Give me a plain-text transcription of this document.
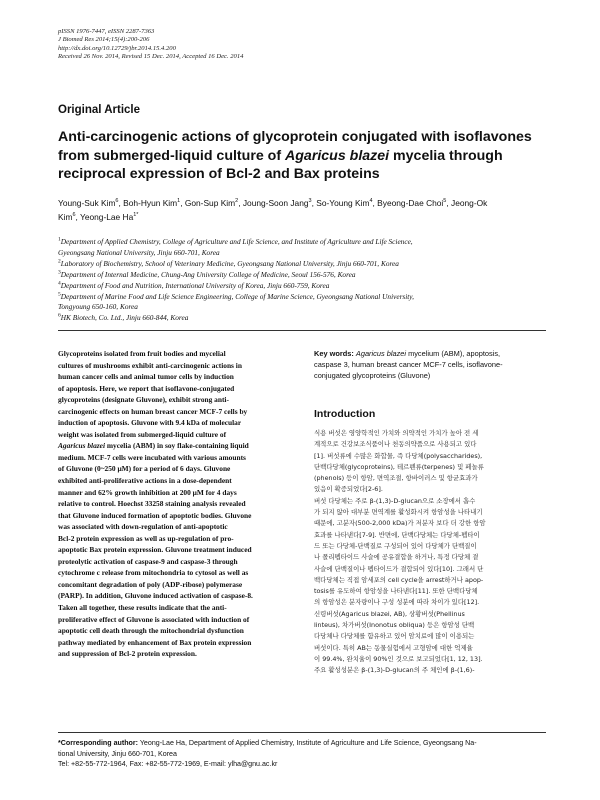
pISSN 1976-7447, eISSN 2287-7363
J Biomed Res 2014;15(4):200-206
http://dx.doi.org/10.12729/jbr.2014.15.4.200
Received 26 Nov. 2014, Revised 15 Dec. 2014, Accepted 16 Dec. 2014
Original Article
Anti-carcinogenic actions of glycoprotein conjugated with isoflavones
from submerged-liquid culture of Agaricus blazei mycelia through
reciprocal expression of Bcl-2 and Bax proteins
Young-Suk Kim$^6$, Boh-Hyun Kim$^1$, Gon-Sup Kim$^2$, Joung-Soon Jang$^3$, So-Young Kim$^4$, Byeong-Dae Choi$^5$, Jeong-Ok
Kim$^6$, Yeong-Lae $Ha^{1*}$
$^1$Department of Applied Chemistry, College of Agriculture and Life Science, and Institute of Agriculture and Life Science,
Gyeongsang National University, Jinju 660-701, Korea
$^2$Laboratory of Biochemistry, School of Veterinary Medicine, Gyeongsang National University, Jinju 660-701, Korea
$^3$Department of Internal Medicine, Chung-Ang University College of Medicine, Seoul 156-576, Korea
$^4$Department of Food and Nutrition, International University of Korea, Jinju 660-759, Korea
$^5$Department of Marine Food and Life Science Engineering, College of Marine Science, Gyeongsang National University,
Tongyoung 650-160, Korea
$^6$HK Biotech, Co. Ltd., Jinju 660-844, Korea
Glycoproteins isolated from fruit bodies and mycelial
cultures of mushrooms exhibit anti-carcinogenic actions in
human cancer cells and animal tumor cells by induction
of apoptosis. Here, we report that isoflavone-conjugated
glycoproteins (designate Gluvone), exhibit strong anti-
carcinogenic effects on human breast cancer MCF-7 cells by
induction of apoptosis. Gluvone with 9.4 kDa of molecular
weight was isolated from submerged-liquid culture of
Agaricus blazei mycelia (ABM) in soy flake-containing liquid
medium. MCF-7 cells were incubated with various amounts
of Gluvone (0~250 μM) for a period of 6 days. Gluvone
exhibited anti-proliferative actions in a dose-dependent
manner and 62% growth inhibition at 200 μM for 4 days
relative to control. Hoechst 33258 staining analysis revealed
that Gluvone induced formation of apoptotic bodies. Gluvone
was associated with down-regulation of anti-apoptotic
Bcl-2 protein expression as well as up-regulation of pro-
apoptotic Bax protein expression. Gluvone treatment induced
proteolytic activation of caspase-9 and caspase-3 through
cytochrome c release from mitochondria to cytosol as well as
concomitant degradation of poly (ADP-ribose) polymerase
(PARP). In addition, Gluvone induced activation of caspase-8.
Taken all together, these results indicate that the anti-
proliferative effect of Gluvone is associated with induction of
apoptotic cell death through the mitochondrial dysfunction
pathway mediated by enhancement of Bax protein expression
and suppression of Bcl-2 protein expression.
Key words: Agaricus blazei mycelium (ABM), apoptosis,
caspase 3, human breast cancer MCF-7 cells, isoflavone-
conjugated glycoproteins (Gluvone)
Introduction
식용 버섯은 영양학적인 가치와 의약적인 가치가 높아 전 세
계적으로 건강보조식품이나 천동의약품으로 사용되고 있다
[1]. 버섯류에 수많은 화합물, 즉 다당체(polysaccharides),
단백다당체(glycoproteins), 테르펜류(terpenes) 및 페놀류
(phenols) 등이 항암, 면역조절, 항바이러스 및 항균효과가
있음이 확증되었다[2-6].
버섯 다당체는 주로 β-(1,3)-D-glucan으로 소장에서 흡수
가 되지 않아 대부분 면역계를 활성화시켜 항암성을 나타내기
때문에, 고분자(500-2,000 kDa)가 저분자 보다 더 강한 항암
효과를 나타낸다[7-9]. 반면에, 단백다당체는 다당체-펩타이
드 또는 다당체-단백질로 구성되어 있어 다당체가 단백질이
나 폴리펩타이드 사슬에 공유결합을 하거나, 특정 다당체 곁
사슬에 단백질이나 펩타이드가 결합되어 있다[10]. 그래서 단
백다당체는 직접 암세포의 cell cycle을 arrest하거나 apop-
tosis를 유도하여 항암성을 나타낸다[11]. 또한 단백다당체
의 항암성은 분자량이나 구성 성분에 따라 차이가 있다[12].
신령버섯(Agaricus blazei, AB), 상황버섯(Phellinus
linteus), 차가버섯(Inonotus obliqua) 등은 항암성 단백
다당체나 다당체를 함유하고 있어 암치료에 많이 이용되는
버섯이다. 특히 AB는 동물실험에서 고형암에 대한 억제율
이 99.4%, 완치율이 90%인 것으로 보고되었다[1, 12, 13].
주요 활성성분은 β-(1,3)-D-glucan의 주 체인에 β-(1,6)-
*Corresponding author: Yeong-Lae Ha, Department of Applied Chemistry, Institute of Agriculture and Life Science, Gyeongsang Na-
tional University, Jinju 660-701, Korea
Tel: +82-55-772-1964, Fax: +82-55-772-1969, E-mail: ylha@gnu.ac.kr
